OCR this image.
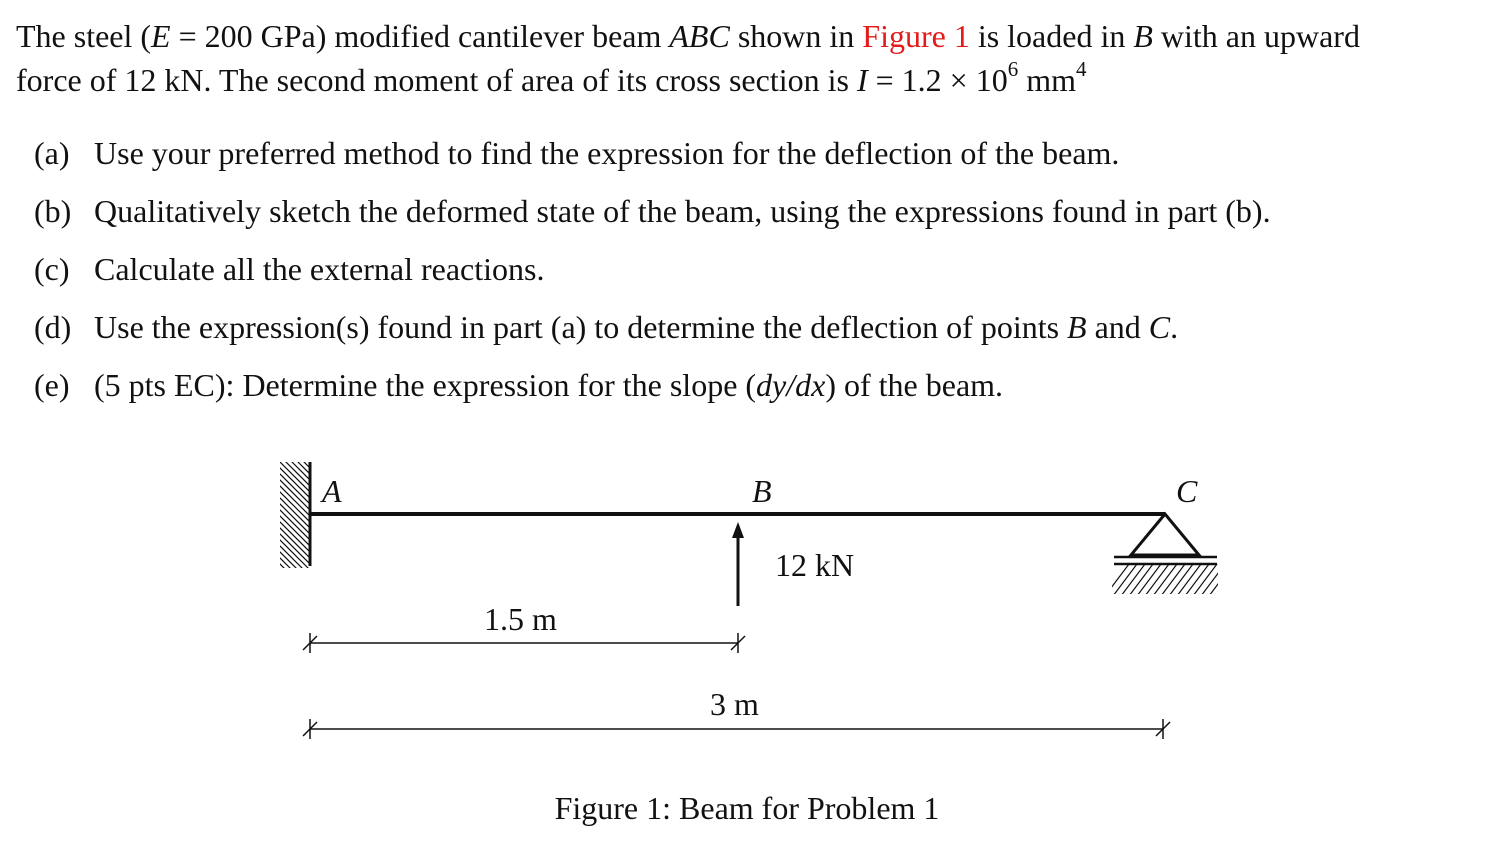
The steel (E = 200 GPa) modified cantilever beam ABC shown in Figure 1 is loaded in B with an upward
force of 12 kN. The second moment of area of its cross section is $I = 1.2 \times 10^6$ $mm^4$
(a) Use your preferred method to find the expression for the deflection of the beam.
(b) Qualitatively sketch the deformed state of the beam, using the expressions found in part (b).
(c) Calculate all the external reactions.
(d) Use the expression(s) found in part (a) to determine the deflection of points B and C.
(e) (5 pts EC): Determine the expression for the slope (dy/dx) of the beam.
12 kN
A	B	C
1.5 m
3 m
Figure 1: Beam for Problem 1
